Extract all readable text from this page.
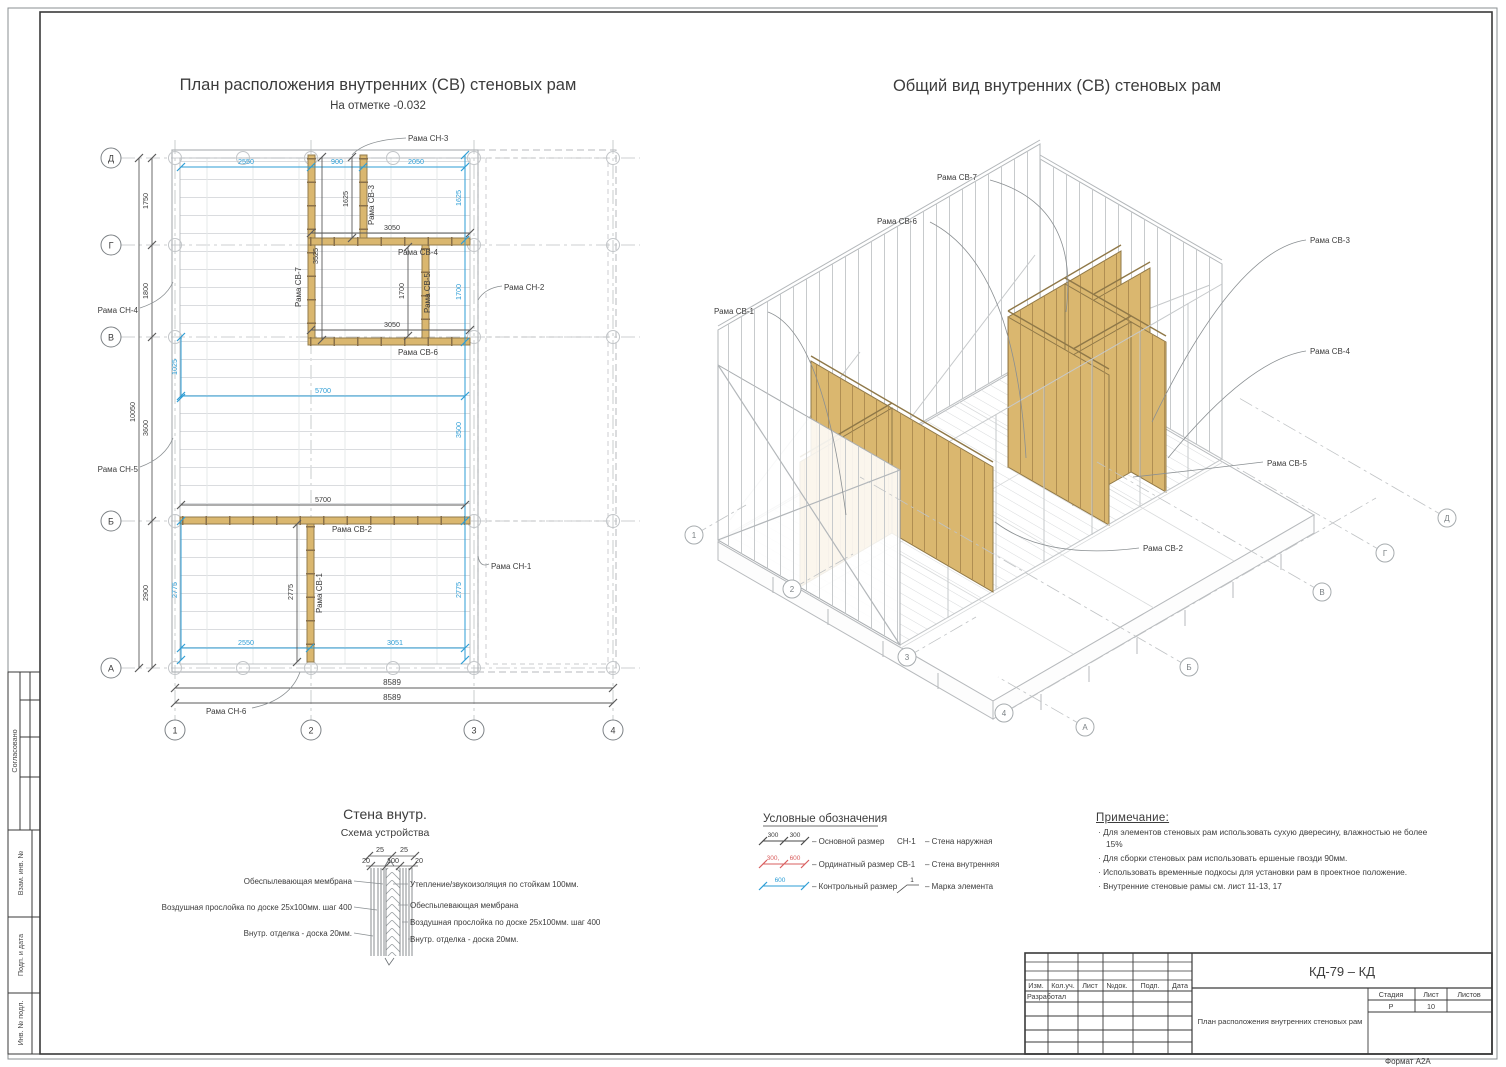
Согласовано
Взам. инв. №
Подп. и дата
Инв. № подл.
План расположения внутренних (СВ) стеновых рам
На отметке -0.032
2550	900	2050
1625
1700
3500
2775
1025
2775
5700
2550	3051
1750
1800
3600
2900
10050
8589
8589
1625
3050
3525
1700
3050
5700
2775
Рама СВ-7
Рама СВ-3
Рама СВ-4
Рама СВ-5
Рама СВ-6
Рама СВ-2
Рама СВ-1
Рама СН-3
Рама СН-4
Рама СН-5
Рама СН-6
Рама СН-2
Рама СН-1
Д
Г
В
Б
А
1	2	3	4
Общий вид внутренних (СВ) стеновых рам
1
2
3
4
А
Б
В
Г
Д
Рама СВ-7
Рама СВ-6
Рама СВ-3
Рама СВ-1
Рама СВ-4
Рама СВ-5
Рама СВ-2
Стена внутр.
Схема устройства
25 25
20 100 20
Обеспылевающая мембрана
Воздушная прослойка по доске 25х100мм. шаг 400
Внутр. отделка - доска 20мм.
Утепление/звукоизоляция по стойкам 100мм.
Обеспылевающая мембрана
Воздушная прослойка по доске 25х100мм. шаг 400
Внутр. отделка - доска 20мм.
Условные обозначения
300 300
300, 600
600	1
– Основной размер СН-1 – Стена наружная
– Ординатный размер СВ-1 – Стена внутренняя
– Контрольный размер	– Марка элемента
Изм. Кол.уч. Лист №док. Подп. Дата
Разработал	Стадия	Лист	Листов
Р	10
КД-79 – КД
План расположения внутренних стеновых рам
Формат А2А
Примечание:
· Для элементов стеновых рам использовать сухую двересину, влажностью не более 15%
· Для сборки стеновых рам использовать ершеные гвозди 90мм.
· Использовать временные подкосы для установки рам в проектное положение.
· Внутренние стеновые рамы см. лист 11-13, 17
